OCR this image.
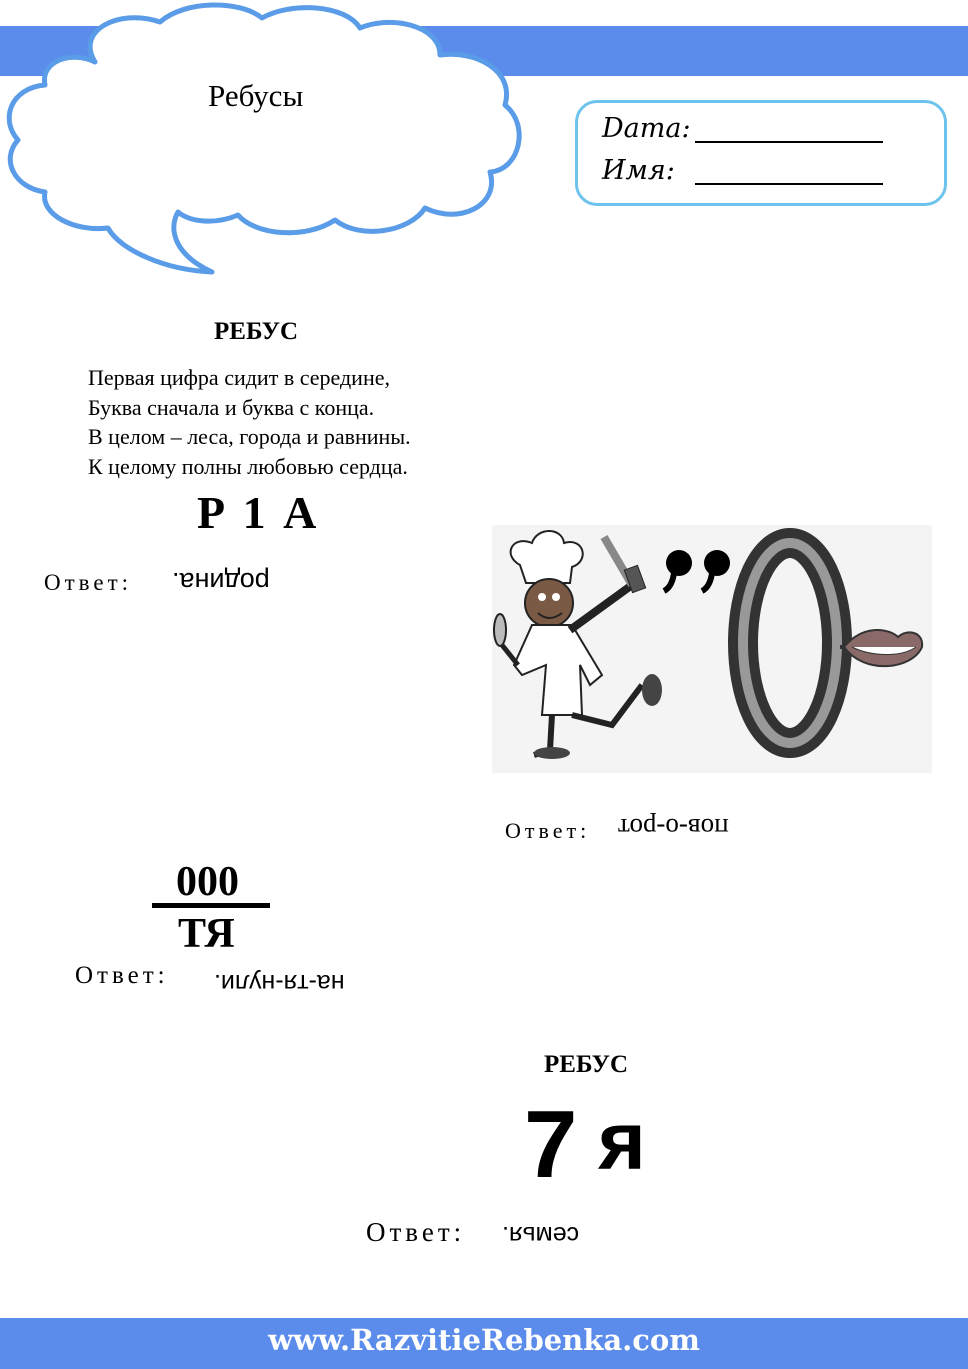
Ребусы
Dama:
Имя:
РЕБУС
Первая цифра сидит в середине,
Буква сначала и буква с конца.
В целом – леса, города и равнины.
К целому полны любовью сердца.
Р 1 А
Ответ: родина.
Ответ: пов-о-рот
000
ТЯ
Ответ: на-тя-нули.
РЕБУС
7 я
Ответ: семья.
www.RazvitieRebenka.com
